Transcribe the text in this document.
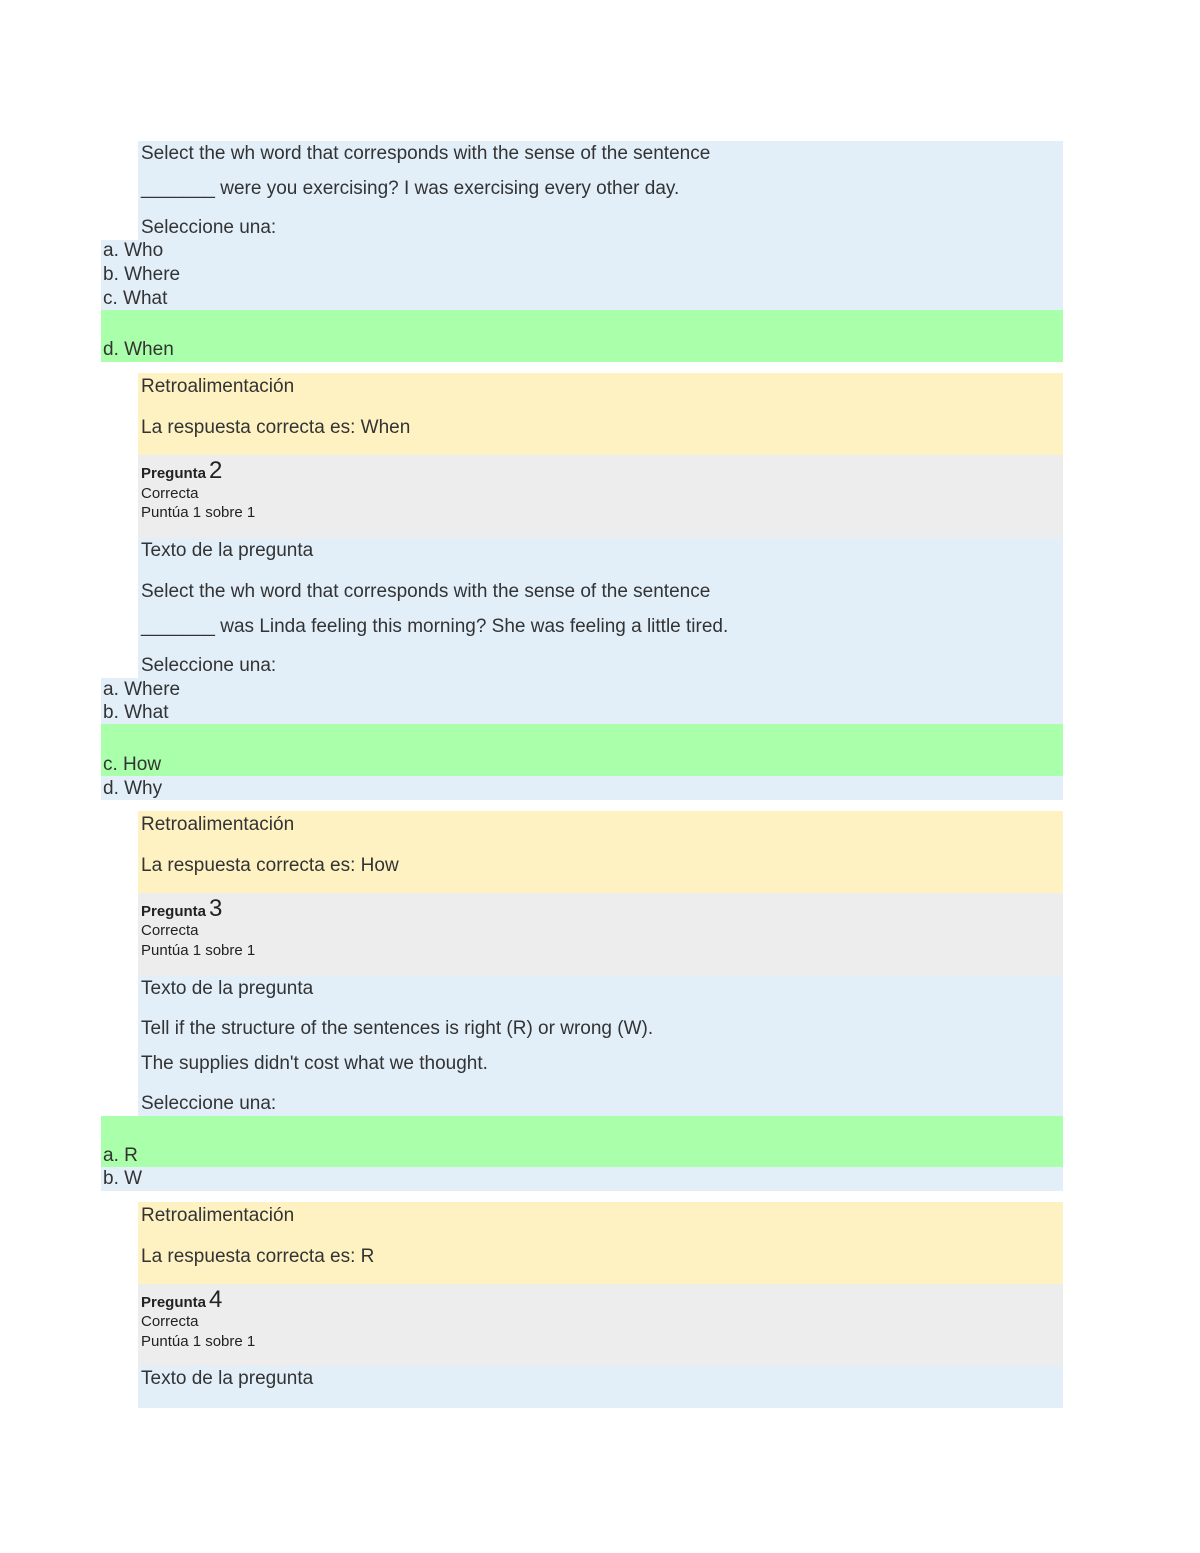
Select the wh word that corresponds with the sense of the sentence
_______ were you exercising? I was exercising every other day.
Seleccione una:
a. Who
b. Where
c. What
d. When
Retroalimentación
La respuesta correcta es: When
Pregunta 2
Correcta
Puntúa 1 sobre 1
Texto de la pregunta
Select the wh word that corresponds with the sense of the sentence
_______ was Linda feeling this morning? She was feeling a little tired.
Seleccione una:
a. Where
b. What
c. How
d. Why
Retroalimentación
La respuesta correcta es: How
Pregunta 3
Correcta
Puntúa 1 sobre 1
Texto de la pregunta
Tell if the structure of the sentences is right (R) or wrong (W).
The supplies didn't cost what we thought.
Seleccione una:
a. R
b. W
Retroalimentación
La respuesta correcta es: R
Pregunta 4
Correcta
Puntúa 1 sobre 1
Texto de la pregunta
